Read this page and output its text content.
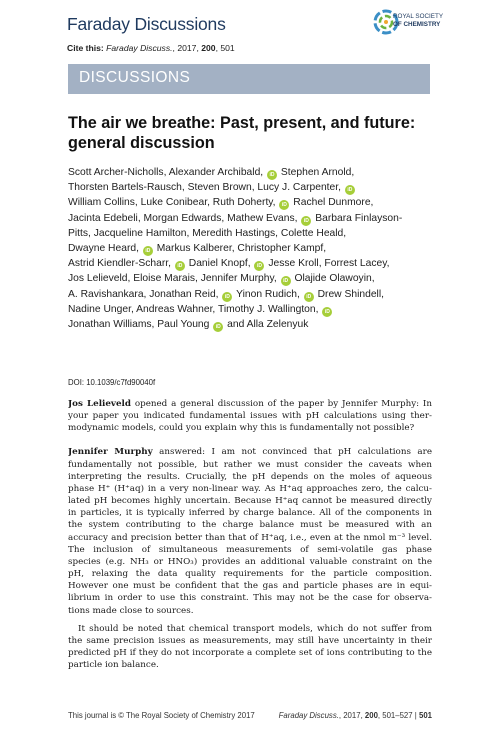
Faraday Discussions
Cite this: Faraday Discuss., 2017, 200, 501
ROYAL SOCIETY
OF CHEMISTRY
DISCUSSIONS
The air we breathe: Past, present, and future: general discussion
Scott Archer-Nicholls, Alexander Archibald, iD Stephen Arnold,
Thorsten Bartels-Rausch, Steven Brown, Lucy J. Carpenter, iD
William Collins, Luke Conibear, Ruth Doherty, iD Rachel Dunmore,
Jacinta Edebeli, Morgan Edwards, Mathew Evans, iD Barbara Finlayson-
Pitts, Jacqueline Hamilton, Meredith Hastings, Colette Heald,
Dwayne Heard, iD Markus Kalberer, Christopher Kampf,
Astrid Kiendler-Scharr, iD Daniel Knopf, iD Jesse Kroll, Forrest Lacey,
Jos Lelieveld, Eloise Marais, Jennifer Murphy, iD Olajide Olawoyin,
A. Ravishankara, Jonathan Reid, iD Yinon Rudich, iD Drew Shindell,
Nadine Unger, Andreas Wahner, Timothy J. Wallington, iD
Jonathan Williams, Paul Young iD and Alla Zelenyuk
DOI: 10.1039/c7fd90040f
Jos Lelieveld opened a general discussion of the paper by Jennifer Murphy: In
your paper you indicated fundamental issues with pH calculations using ther-
modynamic models, could you explain why this is fundamentally not possible?
Jennifer Murphy answered: I am not convinced that pH calculations are
fundamentally not possible, but rather we must consider the caveats when
interpreting the results. Crucially, the pH depends on the moles of aqueous
phase H⁺ (H⁺aq) in a very non-linear way. As H⁺aq approaches zero, the calcu-
lated pH becomes highly uncertain. Because H⁺aq cannot be measured directly
in particles, it is typically inferred by charge balance. All of the components in
the system contributing to the charge balance must be measured with an
accuracy and precision better than that of H⁺aq, i.e., even at the nmol m⁻³ level.
The inclusion of simultaneous measurements of semi-volatile gas phase
species (e.g. NH₃ or HNO₃) provides an additional valuable constraint on the
pH, relaxing the data quality requirements for the particle composition.
However one must be confident that the gas and particle phases are in equi-
librium in order to use this constraint. This may not be the case for observa-
tions made close to sources.
It should be noted that chemical transport models, which do not suffer from
the same precision issues as measurements, may still have uncertainty in their
predicted pH if they do not incorporate a complete set of ions contributing to the
particle ion balance.
This journal is © The Royal Society of Chemistry 2017	Faraday Discuss., 2017, 200, 501–527 | 501
